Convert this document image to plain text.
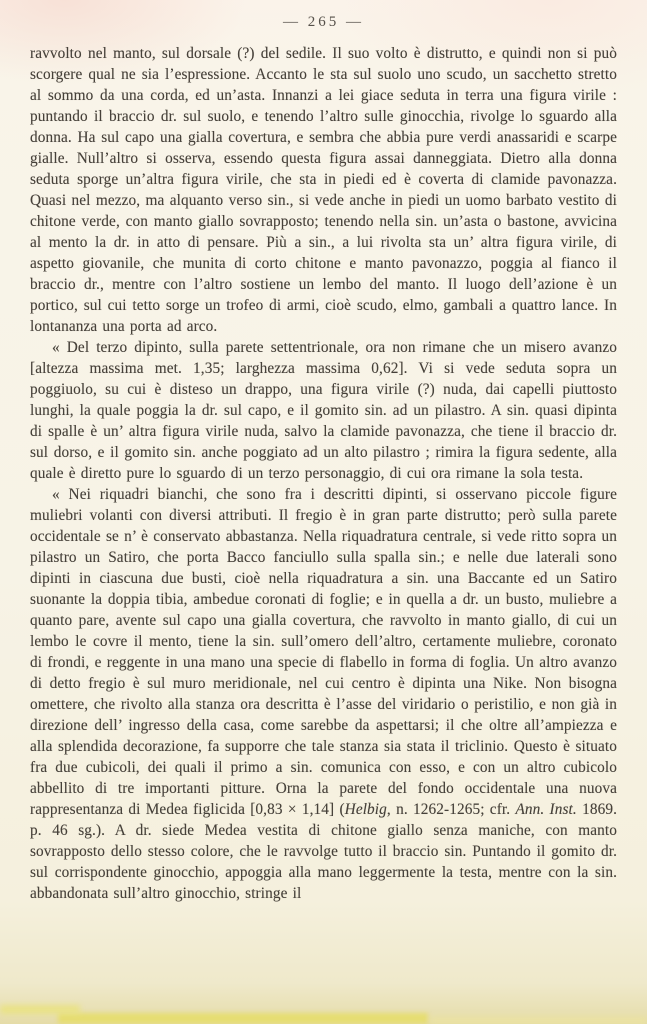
— 265 —

ravvolto nel manto, sul dorsale (?) del sedile. Il suo volto è distrutto, e quindi non si può scorgere qual ne sia l’espressione. Accanto le sta sul suolo uno scudo, un sacchetto stretto al sommo da una corda, ed un’asta. Innanzi a lei giace seduta in terra una figura virile : puntando il braccio dr. sul suolo, e tenendo l’altro sulle ginocchia, rivolge lo sguardo alla donna. Ha sul capo una gialla covertura, e sembra che abbia pure verdi anassaridi e scarpe gialle. Null’altro si osserva, essendo questa figura assai danneggiata. Dietro alla donna seduta sporge un’altra figura virile, che sta in piedi ed è coverta di clamide pavonazza. Quasi nel mezzo, ma alquanto verso sin., si vede anche in piedi un uomo barbato vestito di chitone verde, con manto giallo sovrapposto; tenendo nella sin. un’asta o bastone, avvicina al mento la dr. in atto di pensare. Più a sin., a lui rivolta sta un’ altra figura virile, di aspetto giovanile, che munita di corto chitone e manto pavonazzo, poggia al fianco il braccio dr., mentre con l’altro sostiene un lembo del manto. Il luogo dell’azione è un portico, sul cui tetto sorge un trofeo di armi, cioè scudo, elmo, gambali a quattro lance. In lontananza una porta ad arco.

« Del terzo dipinto, sulla parete settentrionale, ora non rimane che un misero avanzo [altezza massima met. 1,35; larghezza massima 0,62]. Vi si vede seduta sopra un poggiuolo, su cui è disteso un drappo, una figura virile (?) nuda, dai capelli piuttosto lunghi, la quale poggia la dr. sul capo, e il gomito sin. ad un pilastro. A sin. quasi dipinta di spalle è un’ altra figura virile nuda, salvo la clamide pavonazza, che tiene il braccio dr. sul dorso, e il gomito sin. anche poggiato ad un alto pilastro ; rimira la figura sedente, alla quale è diretto pure lo sguardo di un terzo personaggio, di cui ora rimane la sola testa.

« Nei riquadri bianchi, che sono fra i descritti dipinti, si osservano piccole figure muliebri volanti con diversi attributi. Il fregio è in gran parte distrutto; però sulla parete occidentale se n’ è conservato abbastanza. Nella riquadratura centrale, si vede ritto sopra un pilastro un Satiro, che porta Bacco fanciullo sulla spalla sin.; e nelle due laterali sono dipinti in ciascuna due busti, cioè nella riquadratura a sin. una Baccante ed un Satiro suonante la doppia tibia, ambedue coronati di foglie; e in quella a dr. un busto, muliebre a quanto pare, avente sul capo una gialla covertura, che ravvolto in manto giallo, di cui un lembo le covre il mento, tiene la sin. sull’omero dell’altro, certamente muliebre, coronato di frondi, e reggente in una mano una specie di flabello in forma di foglia. Un altro avanzo di detto fregio è sul muro meridionale, nel cui centro è dipinta una Nike. Non bisogna omettere, che rivolto alla stanza ora descritta è l’asse del viridario o peristilio, e non già in direzione dell’ ingresso della casa, come sarebbe da aspettarsi; il che oltre all’ampiezza e alla splendida decorazione, fa supporre che tale stanza sia stata il triclinio. Questo è situato fra due cubicoli, dei quali il primo a sin. comunica con esso, e con un altro cubicolo abbellito di tre importanti pitture. Orna la parete del fondo occidentale una nuova rappresentanza di Medea figlicida [0,83 × 1,14] (Helbig, n. 1262-1265; cfr. Ann. Inst. 1869. p. 46 sg.). A dr. siede Medea vestita di chitone giallo senza maniche, con manto sovrapposto dello stesso colore, che le ravvolge tutto il braccio sin. Puntando il gomito dr. sul corrispondente ginocchio, appoggia alla mano leggermente la testa, mentre con la sin. abbandonata sull’altro ginocchio, stringe il
